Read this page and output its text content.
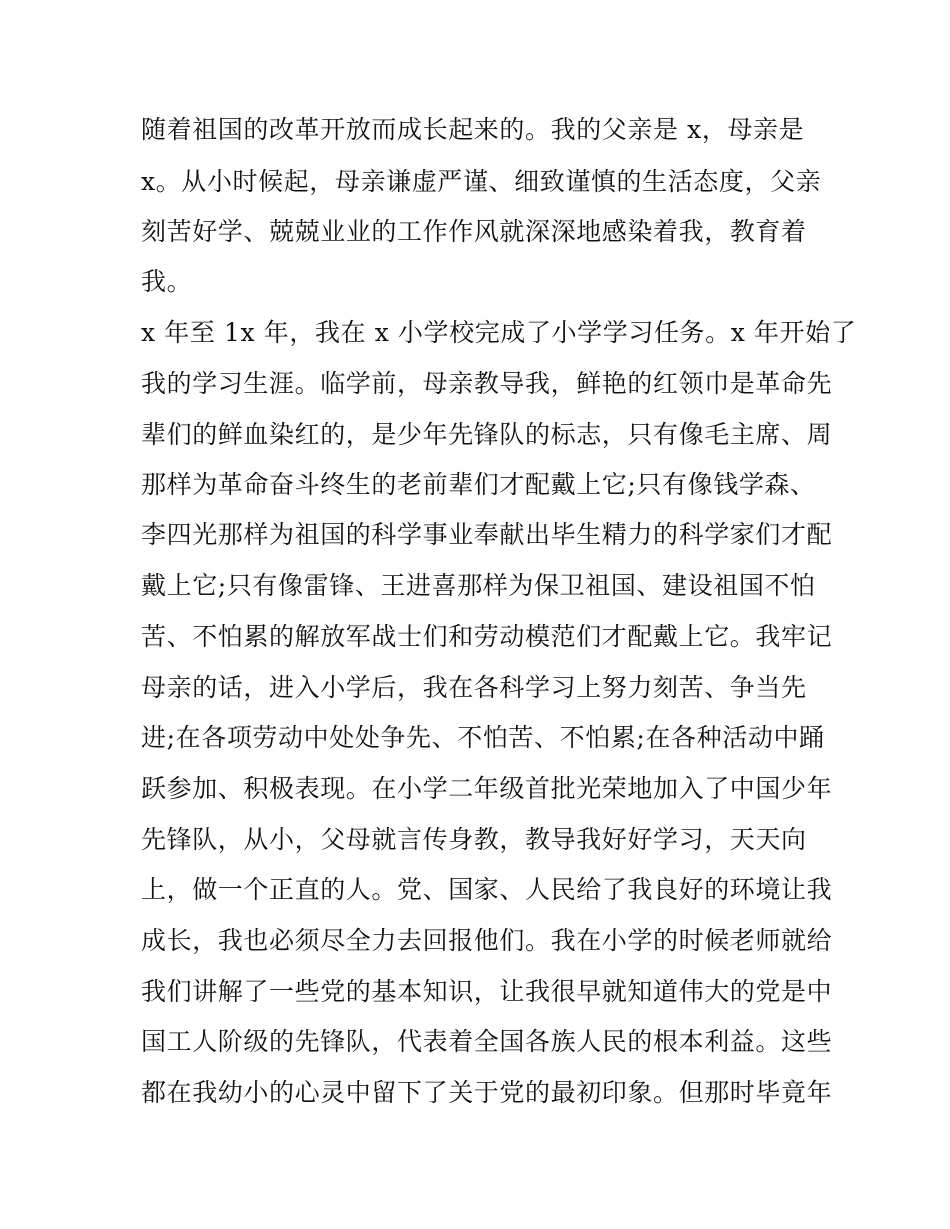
随着祖国的改革开放而成长起来的。我的父亲是 x，母亲是
x。从小时候起，母亲谦虚严谨、细致谨慎的生活态度，父亲
刻苦好学、兢兢业业的工作作风就深深地感染着我，教育着
我。
x 年至 1x 年，我在 x 小学校完成了小学学习任务。x 年开始了
我的学习生涯。临学前，母亲教导我，鲜艳的红领巾是革命先
辈们的鲜血染红的，是少年先锋队的标志，只有像毛主席、周
那样为革命奋斗终生的老前辈们才配戴上它;只有像钱学森、
李四光那样为祖国的科学事业奉献出毕生精力的科学家们才配
戴上它;只有像雷锋、王进喜那样为保卫祖国、建设祖国不怕
苦、不怕累的解放军战士们和劳动模范们才配戴上它。我牢记
母亲的话，进入小学后，我在各科学习上努力刻苦、争当先
进;在各项劳动中处处争先、不怕苦、不怕累;在各种活动中踊
跃参加、积极表现。在小学二年级首批光荣地加入了中国少年
先锋队，从小，父母就言传身教，教导我好好学习，天天向
上，做一个正直的人。党、国家、人民给了我良好的环境让我
成长，我也必须尽全力去回报他们。我在小学的时候老师就给
我们讲解了一些党的基本知识，让我很早就知道伟大的党是中
国工人阶级的先锋队，代表着全国各族人民的根本利益。这些
都在我幼小的心灵中留下了关于党的最初印象。但那时毕竟年
